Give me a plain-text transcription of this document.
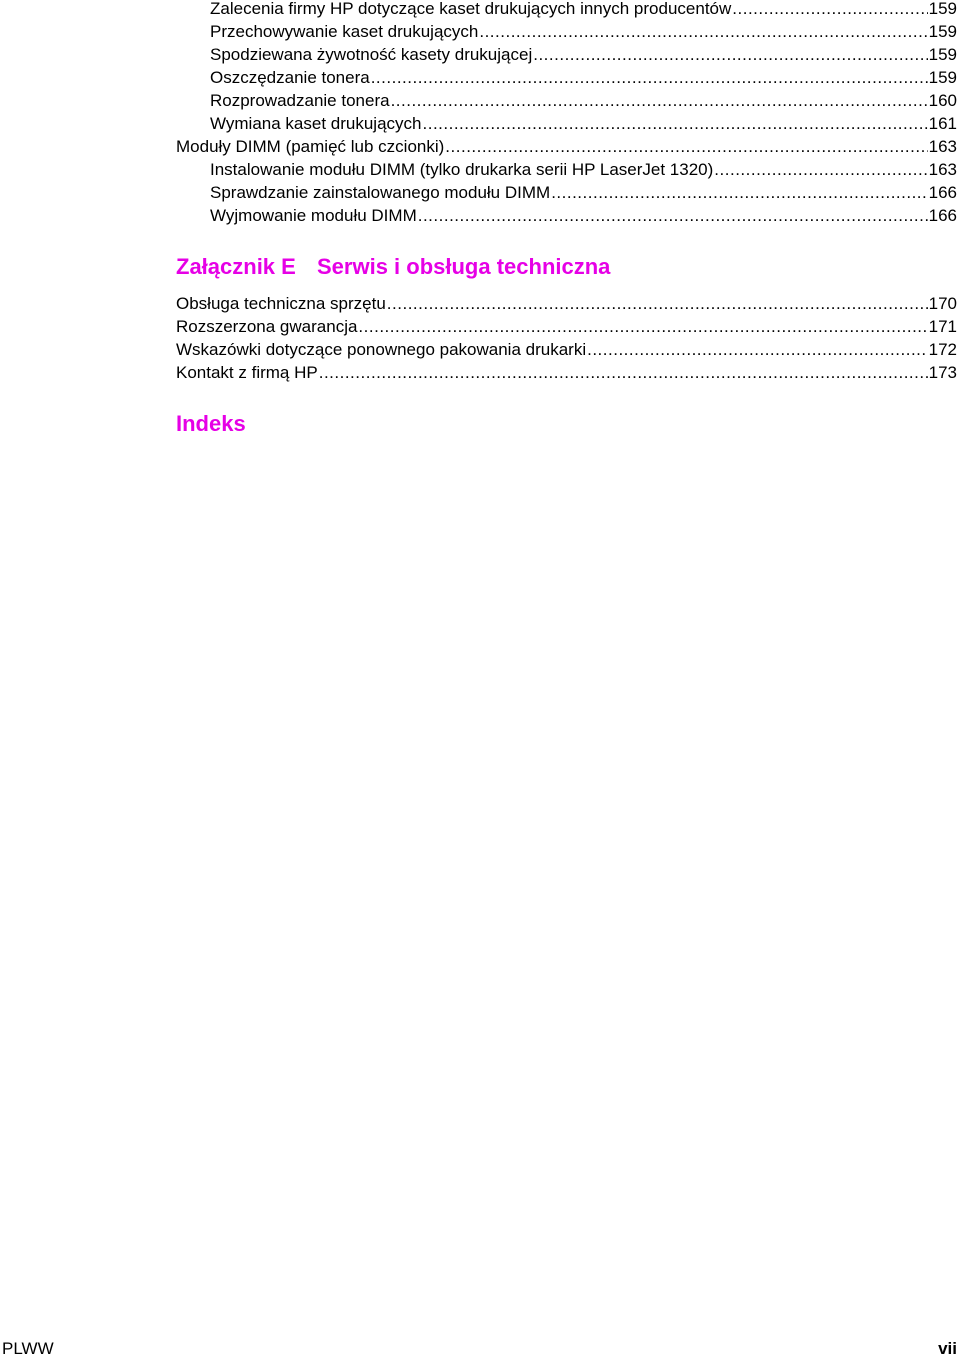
Zalecenia firmy HP dotyczące kaset drukujących innych producentów .....	159
Przechowywanie kaset drukujących .....	159
Spodziewana żywotność kasety drukującej .....	159
Oszczędzanie tonera .....	159
Rozprowadzanie tonera .....	160
Wymiana kaset drukujących .....	161
Moduły DIMM (pamięć lub czcionki) .....	163
Instalowanie modułu DIMM (tylko drukarka serii HP LaserJet 1320) .....	163
Sprawdzanie zainstalowanego modułu DIMM .....	166
Wyjmowanie modułu DIMM .....	166
Załącznik E Serwis i obsługa techniczna
Obsługa techniczna sprzętu .....	170
Rozszerzona gwarancja .....	171
Wskazówki dotyczące ponownego pakowania drukarki .....	172
Kontakt z firmą HP .....	173
Indeks
PLWW	vii
